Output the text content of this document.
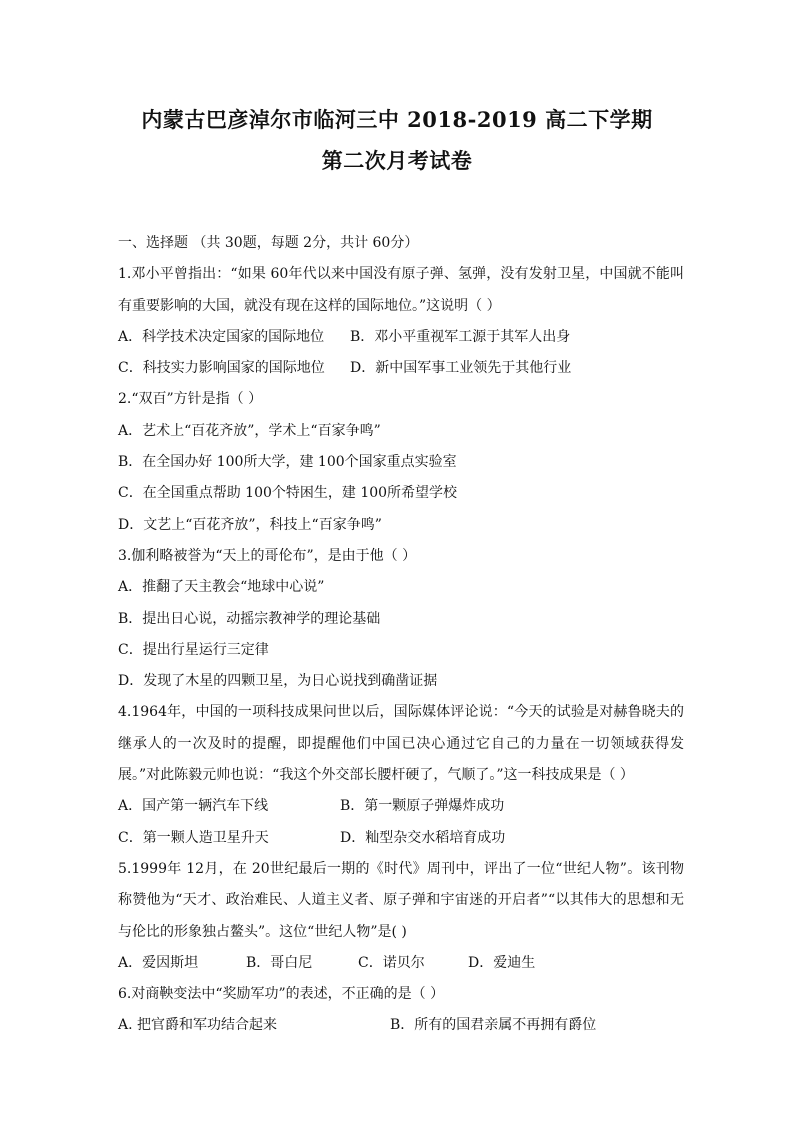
内蒙古巴彦淖尔市临河三中 2018-2019 高二下学期
第二次月考试卷
一、选择题 （共 30题，每题 2分，共计 60分）
1.邓小平曾指出：“如果 60年代以来中国没有原子弹、氢弹，没有发射卫星，中国就不能叫有重要影响的大国，就没有现在这样的国际地位。”这说明（ ）
A．科学技术决定国家的国际地位	B．邓小平重视军工源于其军人出身
C．科技实力影响国家的国际地位	D．新中国军事工业领先于其他行业
2.“双百”方针是指（ ）
A．艺术上“百花齐放”，学术上“百家争鸣”
B．在全国办好 100所大学，建 100个国家重点实验室
C．在全国重点帮助 100个特困生，建 100所希望学校
D．文艺上“百花齐放”，科技上“百家争鸣”
3.伽利略被誉为“天上的哥伦布”，是由于他（ ）
A．推翻了天主教会“地球中心说”
B．提出日心说，动摇宗教神学的理论基础
C．提出行星运行三定律
D．发现了木星的四颗卫星，为日心说找到确凿证据
4.1964年，中国的一项科技成果问世以后，国际媒体评论说：“今天的试验是对赫鲁晓夫的继承人的一次及时的提醒，即提醒他们中国已决心通过它自己的力量在一切领域获得发展。”对此陈毅元帅也说：“我这个外交部长腰杆硬了，气顺了。”这一科技成果是（ ）
A．国产第一辆汽车下线	B．第一颗原子弹爆炸成功
C．第一颗人造卫星升天	D．籼型杂交水稻培育成功
5.1999年 12月，在 20世纪最后一期的《时代》周刊中，评出了一位“世纪人物”。该刊物称赞他为“天才、政治难民、人道主义者、原子弹和宇宙迷的开启者”“以其伟大的思想和无与伦比的形象独占鳌头”。这位“世纪人物”是( )
A．爱因斯坦	B．哥白尼	C．诺贝尔	D．爱迪生
6.对商鞅变法中“奖励军功”的表述，不正确的是（ ）
A. 把官爵和军功结合起来	B．所有的国君亲属不再拥有爵位
